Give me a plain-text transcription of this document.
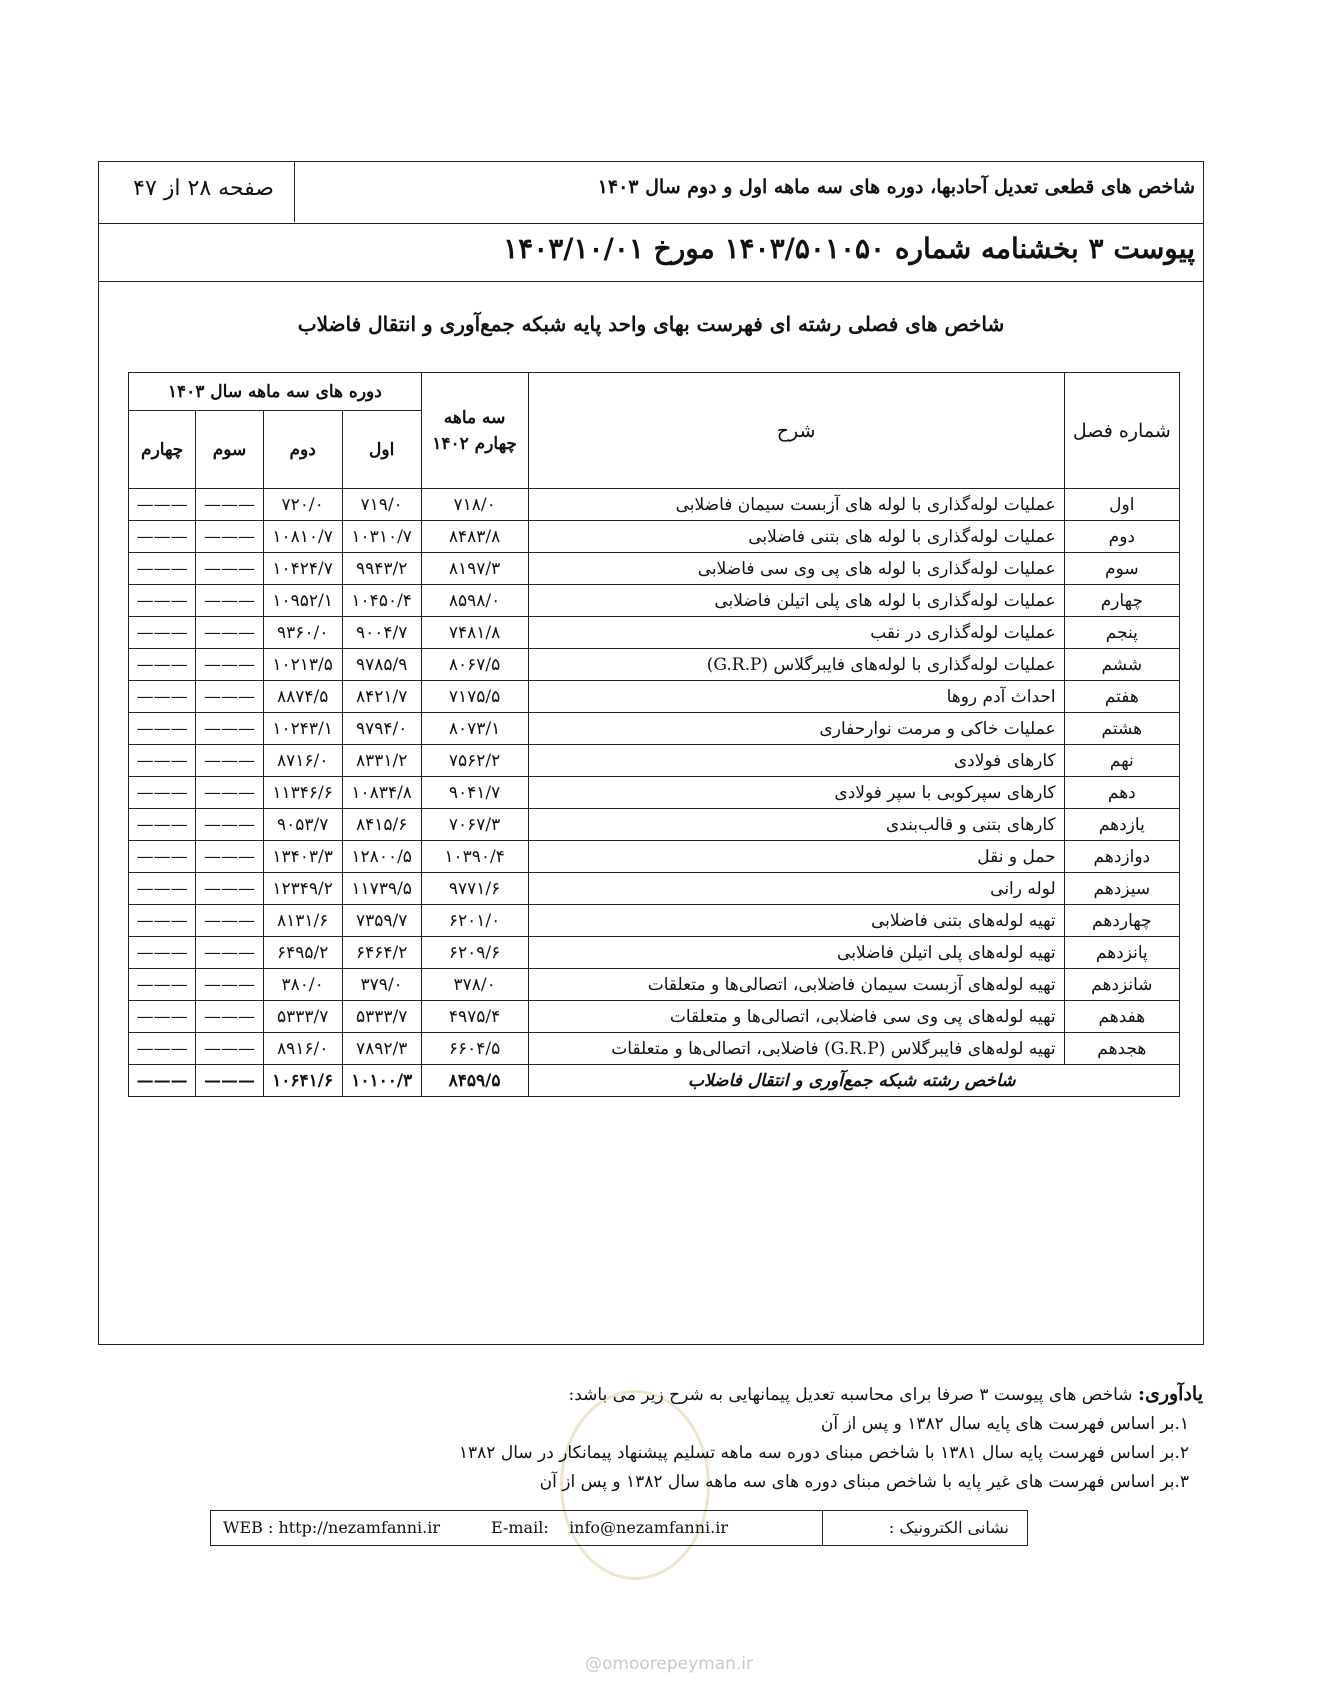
شاخص های قطعی تعدیل آحادبها، دوره های سه ماهه اول و دوم سال ۱۴۰۳
صفحه ۲۸ از ۴۷
پیوست ۳ بخشنامه شماره ۱۴۰۳/۵۰۱۰۵۰ مورخ ۱۴۰۳/۱۰/۰۱
شاخص های فصلی رشته ای فهرست بهای واحد پایه شبکه جمع‌آوری و انتقال فاضلاب
شماره فصل	شرح	سه ماهه چهارم ۱۴۰۲	دوره های سه ماهه سال ۱۴۰۳			
			اول	دوم	سوم	چهارم
اول	عملیات لوله‌گذاری با لوله های آزبست سیمان فاضلابی	۷۱۸/۰	۷۱۹/۰	۷۲۰/۰	———	———
دوم	عملیات لوله‌گذاری با لوله های بتنی فاضلابی	۸۴۸۳/۸	۱۰۳۱۰/۷	۱۰۸۱۰/۷	———	———
سوم	عملیات لوله‌گذاری با لوله های پی وی سی فاضلابی	۸۱۹۷/۳	۹۹۴۳/۲	۱۰۴۲۴/۷	———	———
چهارم	عملیات لوله‌گذاری با لوله های پلی اتیلن فاضلابی	۸۵۹۸/۰	۱۰۴۵۰/۴	۱۰۹۵۲/۱	———	———
پنجم	عملیات لوله‌گذاری در نقب	۷۴۸۱/۸	۹۰۰۴/۷	۹۳۶۰/۰	———	———
ششم	عملیات لوله‌گذاری با لوله‌های فایبرگلاس (G.R.P)	۸۰۶۷/۵	۹۷۸۵/۹	۱۰۲۱۳/۵	———	———
هفتم	احداث آدم روها	۷۱۷۵/۵	۸۴۲۱/۷	۸۸۷۴/۵	———	———
هشتم	عملیات خاکی و مرمت نوارحفاری	۸۰۷۳/۱	۹۷۹۴/۰	۱۰۲۴۳/۱	———	———
نهم	کارهای فولادی	۷۵۶۲/۲	۸۳۳۱/۲	۸۷۱۶/۰	———	———
دهم	کارهای سپرکوبی با سپر فولادی	۹۰۴۱/۷	۱۰۸۳۴/۸	۱۱۳۴۶/۶	———	———
یازدهم	کارهای بتنی و قالب‌بندی	۷۰۶۷/۳	۸۴۱۵/۶	۹۰۵۳/۷	———	———
دوازدهم	حمل و نقل	۱۰۳۹۰/۴	۱۲۸۰۰/۵	۱۳۴۰۳/۳	———	———
سیزدهم	لوله رانی	۹۷۷۱/۶	۱۱۷۳۹/۵	۱۲۳۴۹/۲	———	———
چهاردهم	تهیه لوله‌های بتنی فاضلابی	۶۲۰۱/۰	۷۳۵۹/۷	۸۱۳۱/۶	———	———
پانزدهم	تهیه لوله‌های پلی اتیلن فاضلابی	۶۲۰۹/۶	۶۴۶۴/۲	۶۴۹۵/۲	———	———
شانزدهم	تهیه لوله‌های آزبست سیمان فاضلابی، اتصالی‌ها و متعلقات	۳۷۸/۰	۳۷۹/۰	۳۸۰/۰	———	———
هفدهم	تهیه لوله‌های پی وی سی فاضلابی، اتصالی‌ها و متعلقات	۴۹۷۵/۴	۵۳۳۳/۷	۵۳۳۳/۷	———	———
هجدهم	تهیه لوله‌های فایبرگلاس (G.R.P) فاضلابی، اتصالی‌ها و متعلقات	۶۶۰۴/۵	۷۸۹۲/۳	۸۹۱۶/۰	———	———
شاخص رشته شبکه جمع‌آوری و انتقال فاضلاب		۸۴۵۹/۵	۱۰۱۰۰/۳	۱۰۶۴۱/۶	———	———

یادآوری: شاخص های پیوست ۳ صرفا برای محاسبه تعدیل پیمانهایی به شرح زیر می باشد:

۱.بر اساس فهرست های پایه سال ۱۳۸۲ و پس از آن

۲.بر اساس فهرست پایه سال ۱۳۸۱ با شاخص مبنای دوره سه ماهه تسلیم پیشنهاد پیمانکار در سال ۱۳۸۲

۳.بر اساس فهرست های غیر پایه با شاخص مبنای دوره های سه ماهه سال ۱۳۸۲ و پس از آن

WEB : http://nezamfanni.ir	E-mail: info@nezamfanni.ir	نشانی الکترونیک :
@omoorepeyman.ir
